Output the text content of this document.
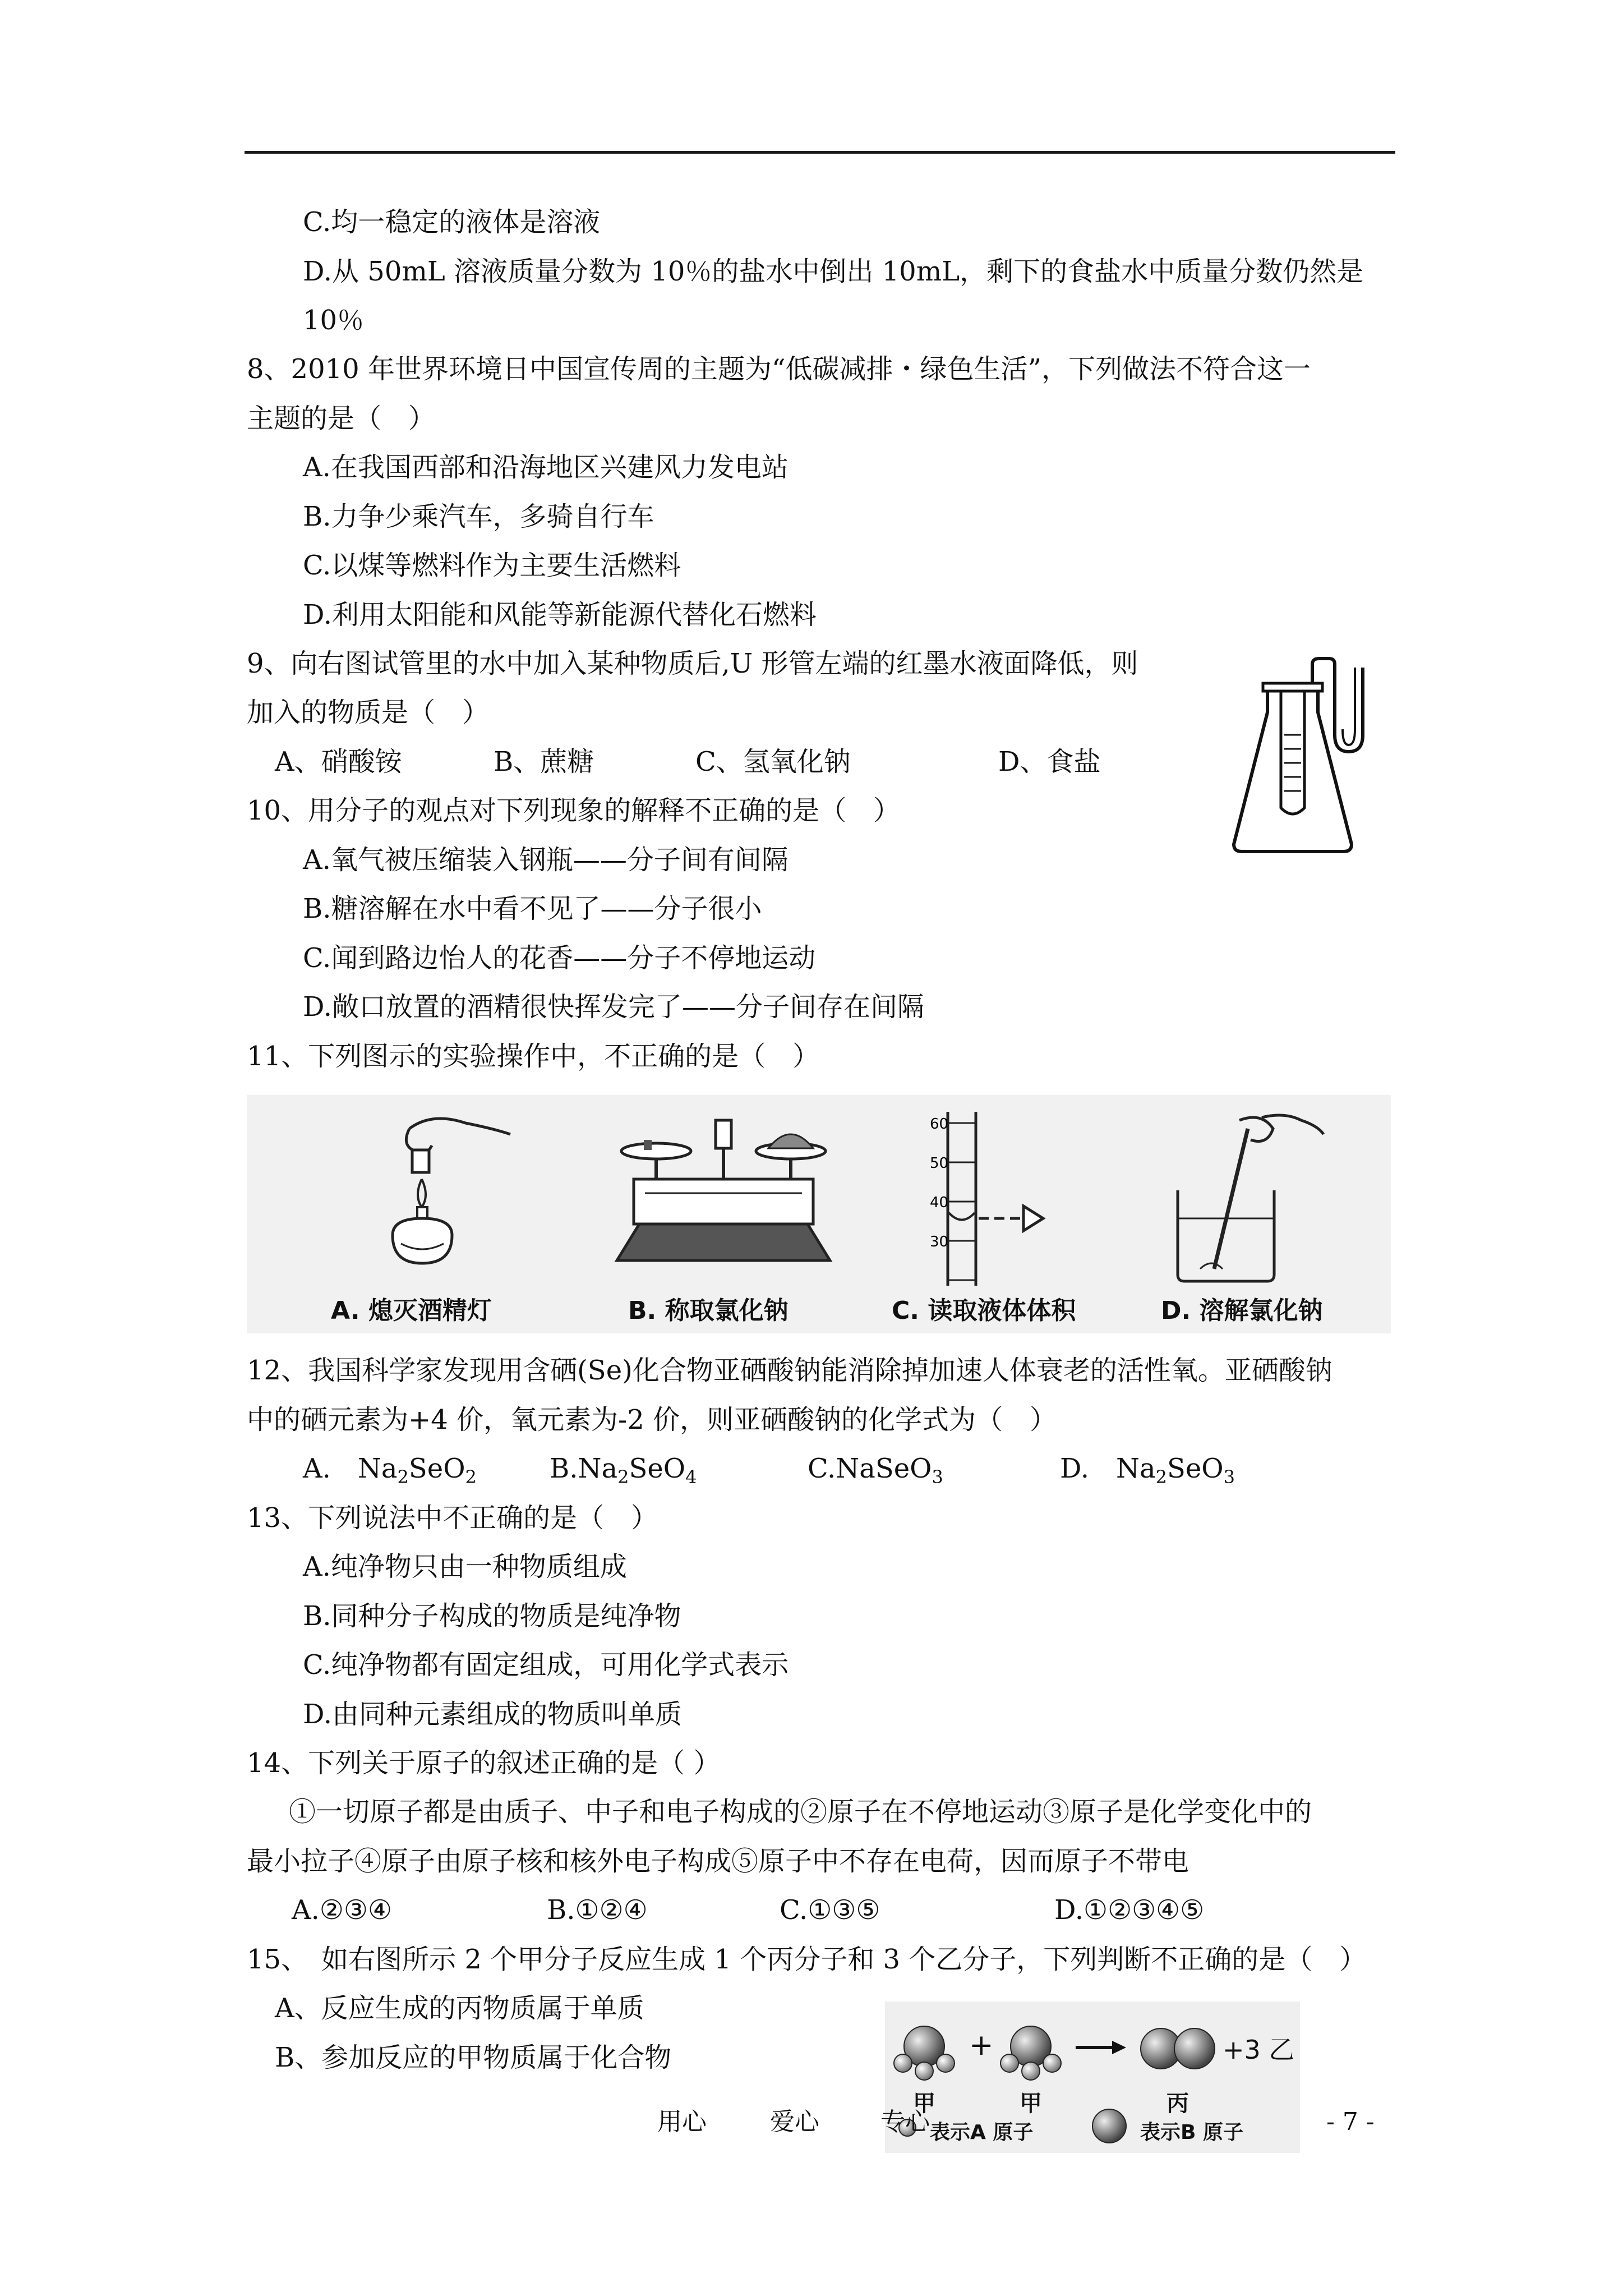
C.均一稳定的液体是溶液
D.从 50mL 溶液质量分数为 10％的盐水中倒出 10mL，剩下的食盐水中质量分数仍然是
10％
8、2010 年世界环境日中国宣传周的主题为“低碳减排・绿色生活”，下列做法不符合这一
主题的是（　）
A.在我国西部和沿海地区兴建风力发电站
B.力争少乘汽车，多骑自行车
C.以煤等燃料作为主要生活燃料
D.利用太阳能和风能等新能源代替化石燃料
9、向右图试管里的水中加入某种物质后,U 形管左端的红墨水液面降低，则
加入的物质是（　）
A、硝酸铵	B、蔗糖	C、氢氧化钠	D、食盐
10、用分子的观点对下列现象的解释不正确的是（　）
A.氧气被压缩装入钢瓶——分子间有间隔
B.糖溶解在水中看不见了——分子很小
C.闻到路边怡人的花香——分子不停地运动
D.敞口放置的酒精很快挥发完了——分子间存在间隔
11、下列图示的实验操作中，不正确的是（　）
60
50
40
30
A. 熄灭酒精灯	B. 称取氯化钠	C. 读取液体体积	D. 溶解氯化钠
12、我国科学家发现用含硒(Se)化合物亚硒酸钠能消除掉加速人体衰老的活性氧。亚硒酸钠
中的硒元素为+4 价，氧元素为-2 价，则亚硒酸钠的化学式为（　）
A.　$Na_2SeO_2$	$B.Na_2SeO_4$	C.NaSeO$_3$	D.　$Na_2SeO_3$
13、下列说法中不正确的是（　）
A.纯净物只由一种物质组成
B.同种分子构成的物质是纯净物
C.纯净物都有固定组成，可用化学式表示
D.由同种元素组成的物质叫单质
14、下列关于原子的叙述正确的是（ ）
①一切原子都是由质子、中子和电子构成的②原子在不停地运动③原子是化学变化中的
最小拉子④原子由原子核和核外电子构成⑤原子中不存在电荷，因而原子不带电
A.②③④	B.①②④	C.①③⑤	D.①②③④⑤
15、　如右图所示 2 个甲分子反应生成 1 个丙分子和 3 个乙分子，下列判断不正确的是（　）
A、反应生成的丙物质属于单质
B、参加反应的甲物质属于化合物	+	+3 乙
甲	甲	丙
表示A 原子	表示B 原子
用心	爱心 专心	- 7 -
